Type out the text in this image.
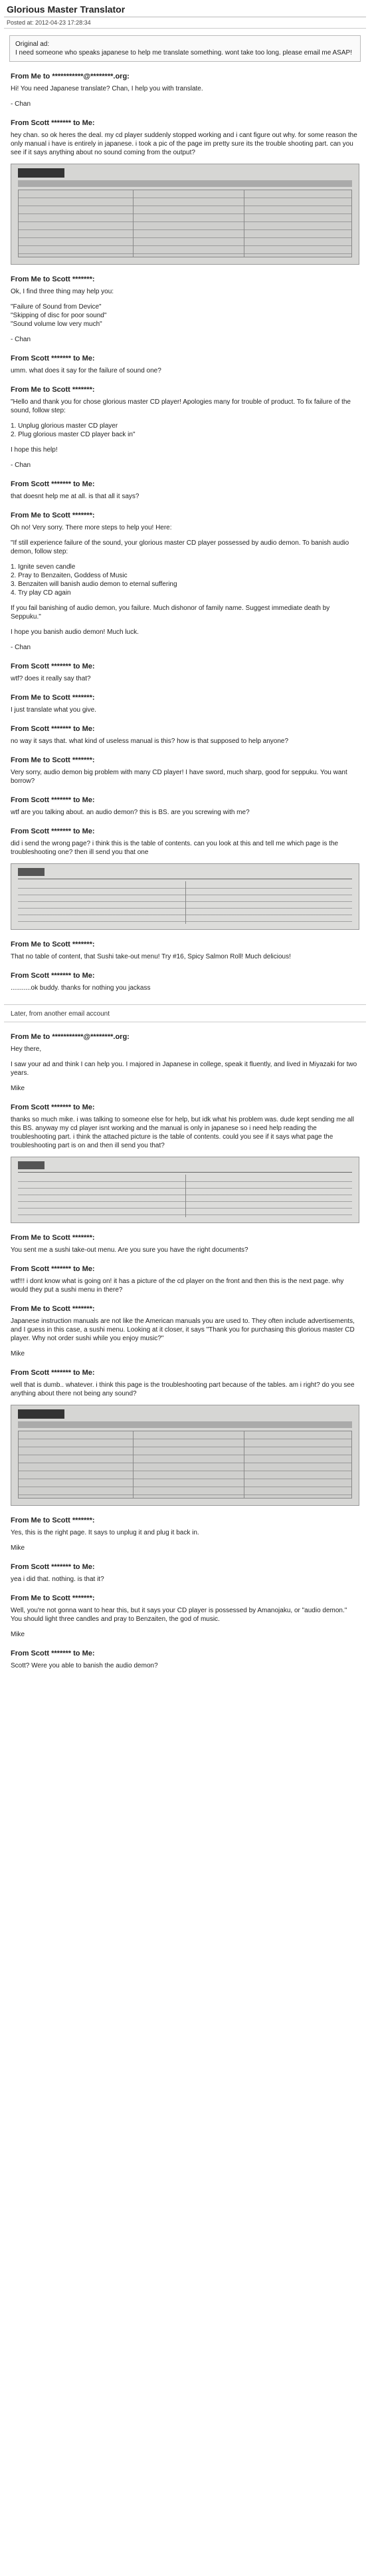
Glorious Master Translator
Posted at: 2012-04-23 17:28:34
Original ad:
I need someone who speaks japanese to help me translate something. wont take too long. please email me ASAP!
From Me to ***********@********.org:

Hi! You need Japanese translate? Chan, I help you with translate.

- Chan

From Scott ******* to Me:

hey chan. so ok heres the deal. my cd player suddenly stopped working and i cant figure out why. for some reason the only manual i have is entirely in japanese. i took a pic of the page im pretty sure its the trouble shooting part. can you see if it says anything about no sound coming from the output?

From Me to Scott *******:

Ok, I find three thing may help you:

"Failure of Sound from Device"
"Skipping of disc for poor sound"
"Sound volume low very much"

- Chan

From Scott ******* to Me:

umm. what does it say for the failure of sound one?

From Me to Scott *******:

"Hello and thank you for chose glorious master CD player! Apologies many for trouble of product. To fix failure of the sound, follow step:

1. Unplug glorious master CD player
2. Plug glorious master CD player back in"

I hope this help!

- Chan

From Scott ******* to Me:

that doesnt help me at all. is that all it says?

From Me to Scott *******:

Oh no! Very sorry. There more steps to help you! Here:

"If still experience failure of the sound, your glorious master CD player possessed by audio demon. To banish audio demon, follow step:

1. Ignite seven candle
2. Pray to Benzaiten, Goddess of Music
3. Benzaiten will banish audio demon to eternal suffering
4. Try play CD again

If you fail banishing of audio demon, you failure. Much dishonor of family name. Suggest immediate death by Seppuku."

I hope you banish audio demon! Much luck.

- Chan

From Scott ******* to Me:

wtf? does it really say that?

From Me to Scott *******:

I just translate what you give.

From Scott ******* to Me:

no way it says that. what kind of useless manual is this? how is that supposed to help anyone?

From Me to Scott *******:

Very sorry, audio demon big problem with many CD player! I have sword, much sharp, good for seppuku. You want borrow?

From Scott ******* to Me:

wtf are you talking about. an audio demon? this is BS. are you screwing with me?

From Scott ******* to Me:

did i send the wrong page? i think this is the table of contents. can you look at this and tell me which page is the troubleshooting one? then ill send you that one

From Me to Scott *******:

That no table of content, that Sushi take-out menu! Try #16, Spicy Salmon Roll! Much delicious!

From Scott ******* to Me:

...........ok buddy. thanks for nothing you jackass

Later, from another email account
From Me to ***********@********.org:

Hey there,

I saw your ad and think I can help you. I majored in Japanese in college, speak it fluently, and lived in Miyazaki for two years.

Mike

From Scott ******* to Me:

thanks so much mike. i was talking to someone else for help, but idk what his problem was. dude kept sending me all this BS. anyway my cd player isnt working and the manual is only in japanese so i need help reading the troubleshooting part. i think the attached picture is the table of contents. could you see if it says what page the troubleshooting part is on and then ill send you that?

From Me to Scott *******:

You sent me a sushi take-out menu. Are you sure you have the right documents?

From Scott ******* to Me:

wtf!!! i dont know what is going on! it has a picture of the cd player on the front and then this is the next page. why would they put a sushi menu in there?

From Me to Scott *******:

Japanese instruction manuals are not like the American manuals you are used to. They often include advertisements, and I guess in this case, a sushi menu. Looking at it closer, it says "Thank you for purchasing this glorious master CD player. Why not order sushi while you enjoy music?"

Mike

From Scott ******* to Me:

well that is dumb.. whatever. i think this page is the troubleshooting part because of the tables. am i right? do you see anything about there not being any sound?

From Me to Scott *******:

Yes, this is the right page. It says to unplug it and plug it back in.

Mike

From Scott ******* to Me:

yea i did that. nothing. is that it?

From Me to Scott *******:

Well, you're not gonna want to hear this, but it says your CD player is possessed by Amanojaku, or "audio demon." You should light three candles and pray to Benzaiten, the god of music.

Mike

From Scott ******* to Me:

Scott? Were you able to banish the audio demon?
